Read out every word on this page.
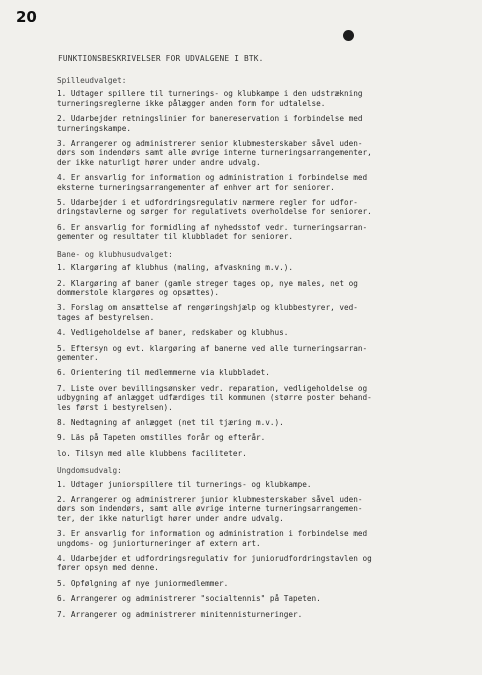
20
FUNKTIONSBESKRIVELSER FOR UDVALGENE I BTK.
Spilleudvalget:
1. Udtager spillere til turnerings- og klubkampe i den udstrækning
turneringsreglerne ikke pålægger anden form for udtalelse.
2. Udarbejder retningslinier for banereservation i forbindelse med
turneringskampe.
3. Arrangerer og administrerer senior klubmesterskaber såvel uden-
dørs som indendørs samt alle øvrige interne turneringsarrangementer,
der ikke naturligt hører under andre udvalg.
4. Er ansvarlig for information og administration i forbindelse med
eksterne turneringsarrangementer af enhver art for seniorer.
5. Udarbejder i et udfordringsregulativ nærmere regler for udfor-
dringstavlerne og sørger for regulativets overholdelse for seniorer.
6. Er ansvarlig for formidling af nyhedsstof vedr. turneringsarran-
gementer og resultater til klubbladet for seniorer.
Bane- og klubhusudvalget:
1. Klargøring af klubhus (maling, afvaskning m.v.).
2. Klargøring af baner (gamle streger tages op, nye males, net og
dommerstole klargøres og opsættes).
3. Forslag om ansættelse af rengøringshjælp og klubbestyrer, ved-
tages af bestyrelsen.
4. Vedligeholdelse af baner, redskaber og klubhus.
5. Eftersyn og evt. klargøring af banerne ved alle turneringsarran-
gementer.
6. Orientering til medlemmerne via klubbladet.
7. Liste over bevillingsønsker vedr. reparation, vedligeholdelse og
udbygning af anlægget udfærdiges til kommunen (større poster behand-
les først i bestyrelsen).
8. Nedtagning af anlægget (net til tjæring m.v.).
9. Läs på Tapeten omstilles forår og efterår.
lo. Tilsyn med alle klubbens faciliteter.
Ungdomsudvalg:
1. Udtager juniorspillere til turnerings- og klubkampe.
2. Arrangerer og administrerer junior klubmesterskaber såvel uden-
dørs som indendørs, samt alle øvrige interne turneringsarrangemen-
ter, der ikke naturligt hører under andre udvalg.
3. Er ansvarlig for information og administration i forbindelse med
ungdoms- og juniorturneringer af extern art.
4. Udarbejder et udfordringsregulativ for juniorudfordringstavlen og
fører opsyn med denne.
5. Opfølgning af nye juniormedlemmer.
6. Arrangerer og administrerer "socialtennis" på Tapeten.
7. Arrangerer og administrerer minitennisturneringer.
